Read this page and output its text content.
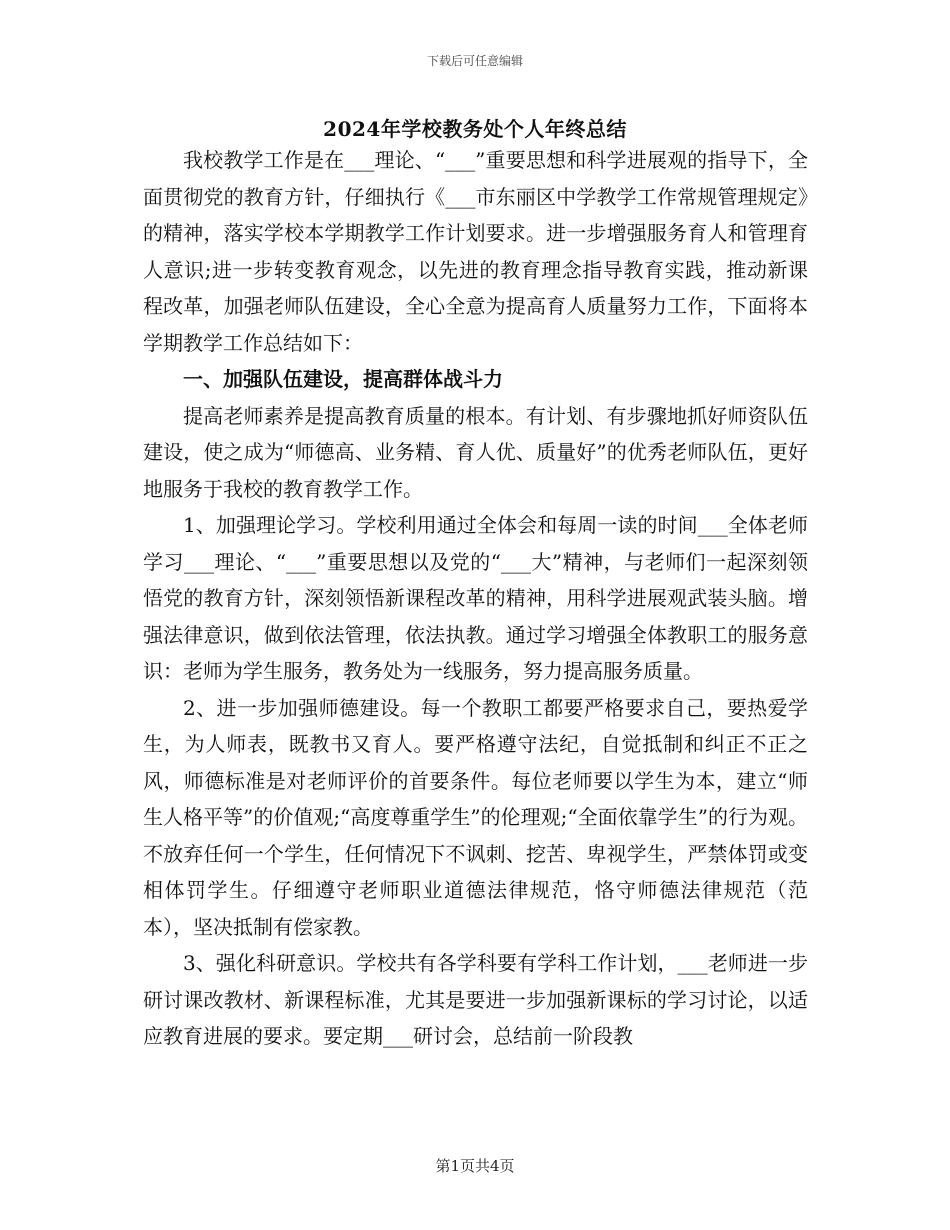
下载后可任意编辑
2024年学校教务处个人年终总结

我校教学工作是在___理论、“___”重要思想和科学进展观的指导下，全面贯彻党的教育方针，仔细执行《___市东丽区中学教学工作常规管理规定》的精神，落实学校本学期教学工作计划要求。进一步增强服务育人和管理育人意识;进一步转变教育观念，以先进的教育理念指导教育实践，推动新课程改革，加强老师队伍建设，全心全意为提高育人质量努力工作，下面将本学期教学工作总结如下：

一、加强队伍建设，提高群体战斗力

提高老师素养是提高教育质量的根本。有计划、有步骤地抓好师资队伍建设，使之成为“师德高、业务精、育人优、质量好”的优秀老师队伍，更好地服务于我校的教育教学工作。

1、加强理论学习。学校利用通过全体会和每周一读的时间___全体老师学习___理论、“___”重要思想以及党的“___大”精神，与老师们一起深刻领悟党的教育方针，深刻领悟新课程改革的精神，用科学进展观武装头脑。增强法律意识，做到依法管理，依法执教。通过学习增强全体教职工的服务意识：老师为学生服务，教务处为一线服务，努力提高服务质量。

2、进一步加强师德建设。每一个教职工都要严格要求自己，要热爱学生，为人师表，既教书又育人。要严格遵守法纪，自觉抵制和纠正不正之风，师德标准是对老师评价的首要条件。每位老师要以学生为本，建立“师生人格平等”的价值观;“高度尊重学生”的伦理观;“全面依靠学生”的行为观。不放弃任何一个学生，任何情况下不讽刺、挖苦、卑视学生，严禁体罚或变相体罚学生。仔细遵守老师职业道德法律规范，恪守师德法律规范（范本），坚决抵制有偿家教。

3、强化科研意识。学校共有各学科要有学科工作计划，___老师进一步研讨课改教材、新课程标准，尤其是要进一步加强新课标的学习讨论，以适应教育进展的要求。要定期___研讨会，总结前一阶段教

第1页共4页
